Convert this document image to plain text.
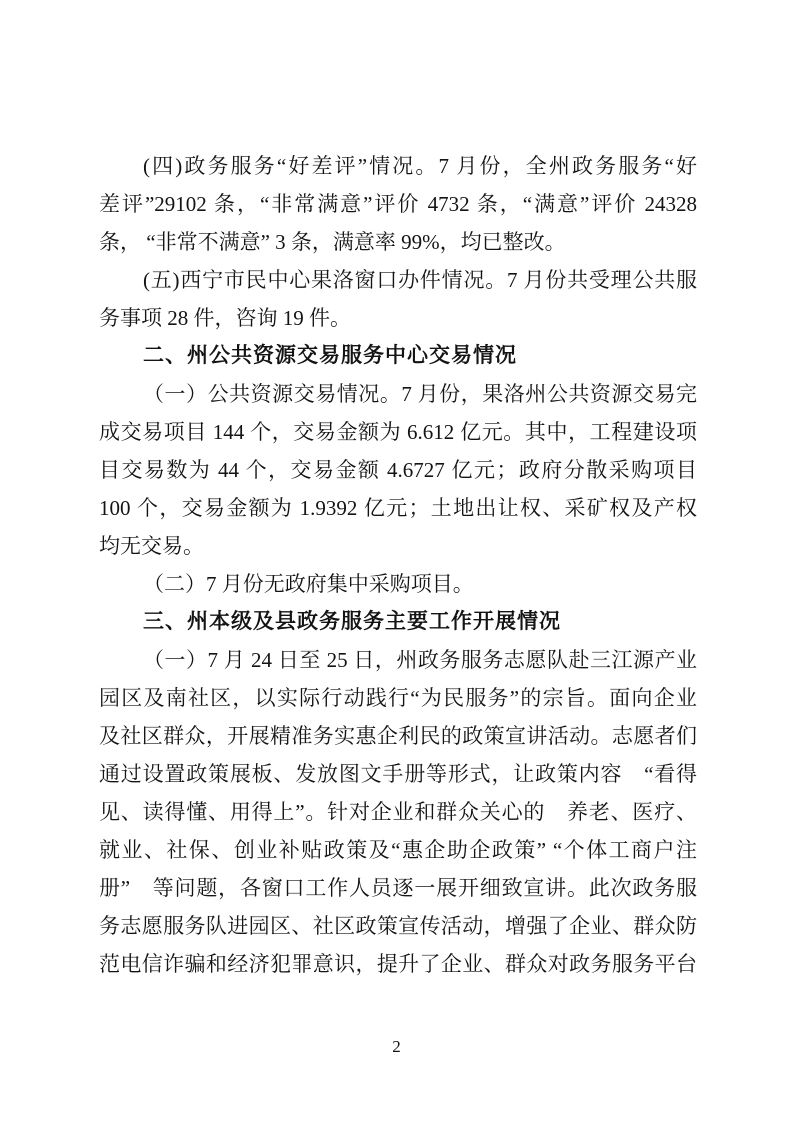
(四)政务服务“好差评”情况。7 月份，全州政务服务“好
差评”29102 条，“非常满意”评价 4732 条，“满意”评价 24328
条， “非常不满意” 3 条，满意率 99%，均已整改。
(五)西宁市民中心果洛窗口办件情况。7 月份共受理公共服
务事项 28 件，咨询 19 件。
二、州公共资源交易服务中心交易情况
（一）公共资源交易情况。7 月份，果洛州公共资源交易完
成交易项目 144 个，交易金额为 6.612 亿元。其中，工程建设项
目交易数为 44 个，交易金额 4.6727 亿元；政府分散采购项目
100 个，交易金额为 1.9392 亿元；土地出让权、采矿权及产权
均无交易。
（二）7 月份无政府集中采购项目。
三、州本级及县政务服务主要工作开展情况
（一）7 月 24 日至 25 日，州政务服务志愿队赴三江源产业
园区及南社区，以实际行动践行“为民服务”的宗旨。面向企业
及社区群众，开展精准务实惠企利民的政策宣讲活动。志愿者们
通过设置政策展板、发放图文手册等形式，让政策内容　“看得
见、读得懂、用得上”。针对企业和群众关心的　养老、医疗、
就业、社保、创业补贴政策及“惠企助企政策” “个体工商户注
册”　等问题，各窗口工作人员逐一展开细致宣讲。此次政务服
务志愿服务队进园区、社区政策宣传活动，增强了企业、群众防
范电信诈骗和经济犯罪意识，提升了企业、群众对政务服务平台
2
